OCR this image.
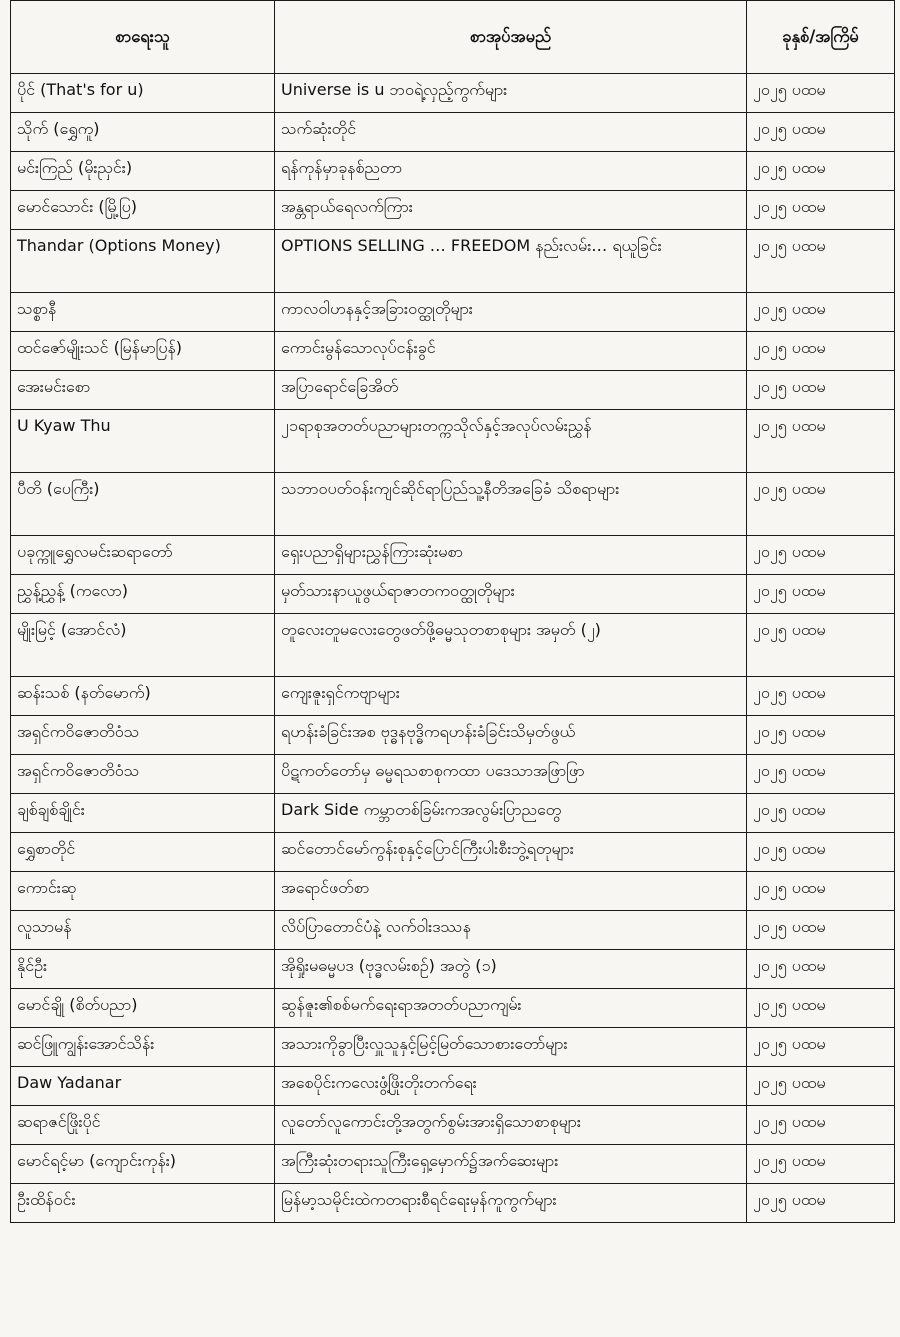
စာရေးသူ	စာအုပ်အမည်	ခုနှစ်/အကြိမ်
ပိုင် (That's for u)	Universe is u ဘဝရဲ့လှည့်ကွက်များ	၂၀၂၅ ပထမ
သိုက် (ရွှေကူ)	သက်ဆုံးတိုင်	၂၀၂၅ ပထမ
မင်းကြည် (မိုးညှင်း)	ရန်ကုန်မှာခုနစ်ညတာ	၂၀၂၅ ပထမ
မောင်သောင်း (မြို့ပြ)	အန္တရာယ်ရေလက်ကြား	၂၀၂၅ ပထမ
Thandar (Options Money)	OPTIONS SELLING … FREEDOM နည်းလမ်း… ရယူခြင်း	၂၀၂၅ ပထမ
သစ္စာနီ	ကာလဝါဟနနှင့်အခြားဝတ္ထုတိုများ	၂၀၂၅ ပထမ
ထင်ဇော်မျိုးသင် (မြန်မာပြန်)	ကောင်းမွန်သောလုပ်ငန်းခွင်	၂၀၂၅ ပထမ
အေးမင်းစော	အပြာရောင်ခြေအိတ်	၂၀၂၅ ပထမ
U Kyaw Thu	၂၁ရာစုအတတ်ပညာများတက္ကသိုလ်နှင့်အလုပ်လမ်းညွှန်	၂၀၂၅ ပထမ
ပီတိ (ပေကြီး)	သဘာဝပတ်ဝန်းကျင်ဆိုင်ရာပြည်သူ့နီတိအခြေခံ သိစရာများ	၂၀၂၅ ပထမ
ပခုက္ကူရွှေလမင်းဆရာတော်	ရှေးပညာရှိများညွှန်ကြားဆုံးမစာ	၂၀၂၅ ပထမ
ညွှန့်ညွှန့် (ကလော)	မှတ်သားနာယူဖွယ်ရာဇာတကဝတ္ထုတိုများ	၂၀၂၅ ပထမ
မျိုးမြင့် (အောင်လံ)	တူလေးတူမလေးတွေဖတ်ဖို့ဓမ္မသုတစာစုများ အမှတ် (၂)	၂၀၂၅ ပထမ
ဆန်းသစ် (နတ်မောက်)	ကျေးဇူးရှင်ကဗျာများ	၂၀၂၅ ပထမ
အရှင်ကဝိဇောတိဝံသ	ရဟန်းခံခြင်းအစ ဗုဒ္ဓနဗုဒ္ဓိကရဟန်းခံခြင်းသိမှတ်ဖွယ်	၂၀၂၅ ပထမ
အရှင်ကဝိဇောတိဝံသ	ပိဋကတ်တော်မှ ဓမ္မရသစာစုကထာ ပဒေသာအဖြာဖြာ	၂၀၂၅ ပထမ
ချစ်ချစ်ချိုင်း	Dark Side ကမ္ဘာတစ်ခြမ်းကအလွမ်းပြာညတွေ	၂၀၂၅ ပထမ
ရွှေစာတိုင်	ဆင်တောင်မော်ကွန်းစုနှင့်ပြောင်ကြီးပါးစီးဘွဲ့ရတုများ	၂၀၂၅ ပထမ
ကောင်းဆု	အရောင်ဖတ်စာ	၂၀၂၅ ပထမ
လူသာမန်	လိပ်ပြာတောင်ပံနဲ့ လက်ဝါးဒဿန	၂၀၂၅ ပထမ
နိုင်ဦး	အိုရှိုးမဓမ္မပဒ (ဗုဒ္ဓလမ်းစဉ်) အတွဲ (၁)	၂၀၂၅ ပထမ
မောင်ချို (စိတ်ပညာ)	ဆွန်ဇူး၏စစ်မက်ရေးရာအတတ်ပညာကျမ်း	၂၀၂၅ ပထမ
ဆင်ဖြူကျွန်းအောင်သိန်း	အသားကိုခွာပြီးလှူသူနှင့်မြင့်မြတ်သောစားတော်များ	၂၀၂၅ ပထမ
Daw Yadanar	အစေပိုင်းကလေးဖွံ့ဖြိုးတိုးတက်ရေး	၂၀၂၅ ပထမ
ဆရာဇင်ဖြိုးပိုင်	လူတော်လူကောင်းတို့အတွက်စွမ်းအားရှိသောစာစုများ	၂၀၂၅ ပထမ
မောင်ရင့်မာ (ကျောင်းကုန်း)	အကြီးဆုံးတရားသူကြီးရှေ့မှောက်၌အက်ဆေးများ	၂၀၂၅ ပထမ
ဦးထိန်ဝင်း	မြန်မာ့သမိုင်းထဲကတရားစီရင်ရေးမှန်ကူကွက်များ	၂၀၂၅ ပထမ
